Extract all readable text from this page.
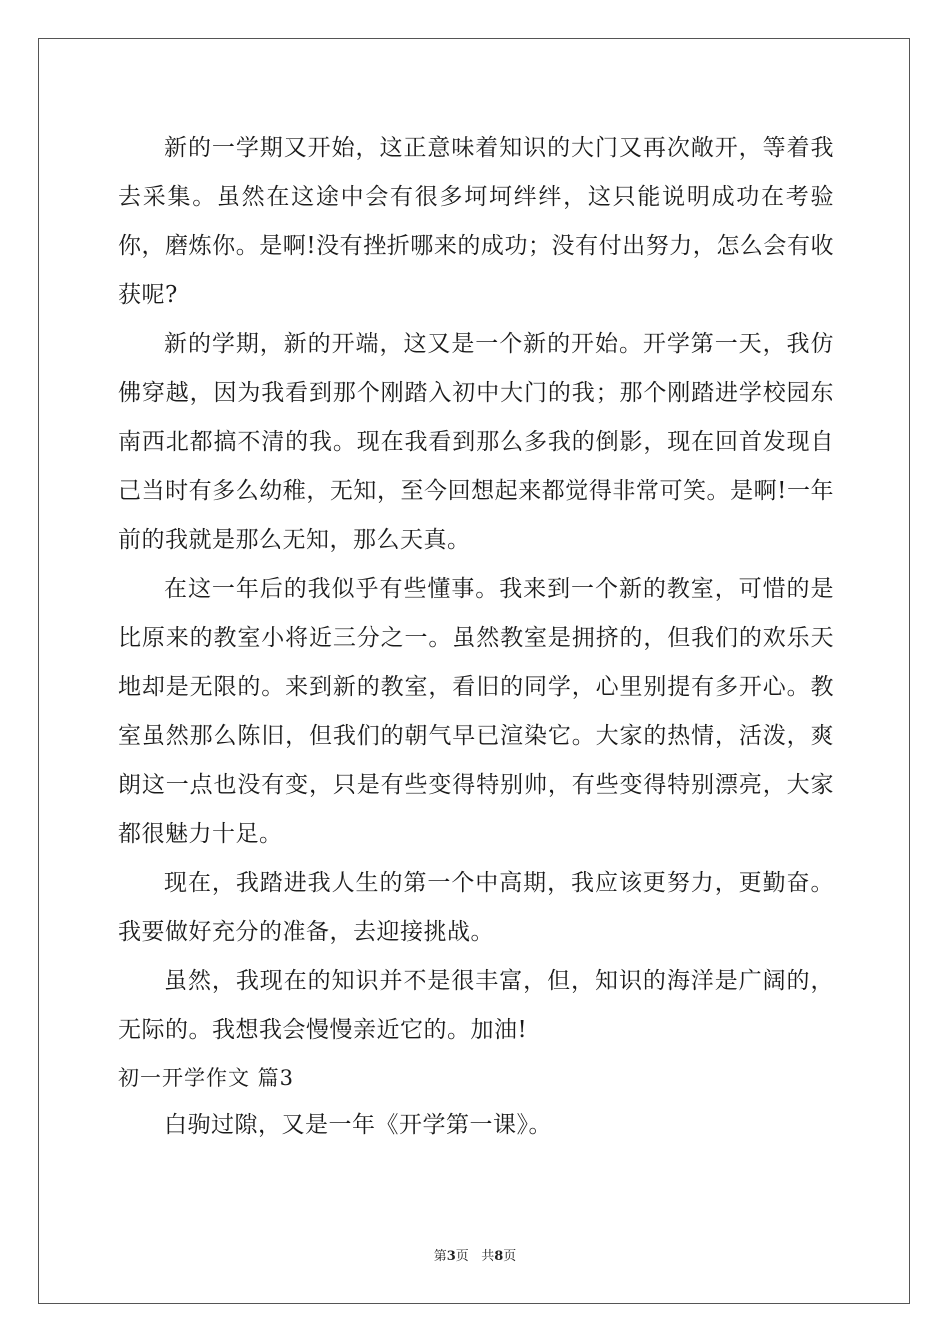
新的一学期又开始，这正意味着知识的大门又再次敞开，等着我去采集。虽然在这途中会有很多坷坷绊绊，这只能说明成功在考验你，磨炼你。是啊!没有挫折哪来的成功；没有付出努力，怎么会有收获呢?

新的学期，新的开端，这又是一个新的开始。开学第一天，我仿佛穿越，因为我看到那个刚踏入初中大门的我；那个刚踏进学校园东南西北都搞不清的我。现在我看到那么多我的倒影，现在回首发现自己当时有多么幼稚，无知，至今回想起来都觉得非常可笑。是啊!一年前的我就是那么无知，那么天真。

在这一年后的我似乎有些懂事。我来到一个新的教室，可惜的是比原来的教室小将近三分之一。虽然教室是拥挤的，但我们的欢乐天地却是无限的。来到新的教室，看旧的同学，心里别提有多开心。教室虽然那么陈旧，但我们的朝气早已渲染它。大家的热情，活泼，爽朗这一点也没有变，只是有些变得特别帅，有些变得特别漂亮，大家都很魅力十足。

现在，我踏进我人生的第一个中高期，我应该更努力，更勤奋。我要做好充分的准备，去迎接挑战。

虽然，我现在的知识并不是很丰富，但，知识的海洋是广阔的，无际的。我想我会慢慢亲近它的。加油!

初一开学作文 篇3

白驹过隙，又是一年《开学第一课》。

第3页 共8页
